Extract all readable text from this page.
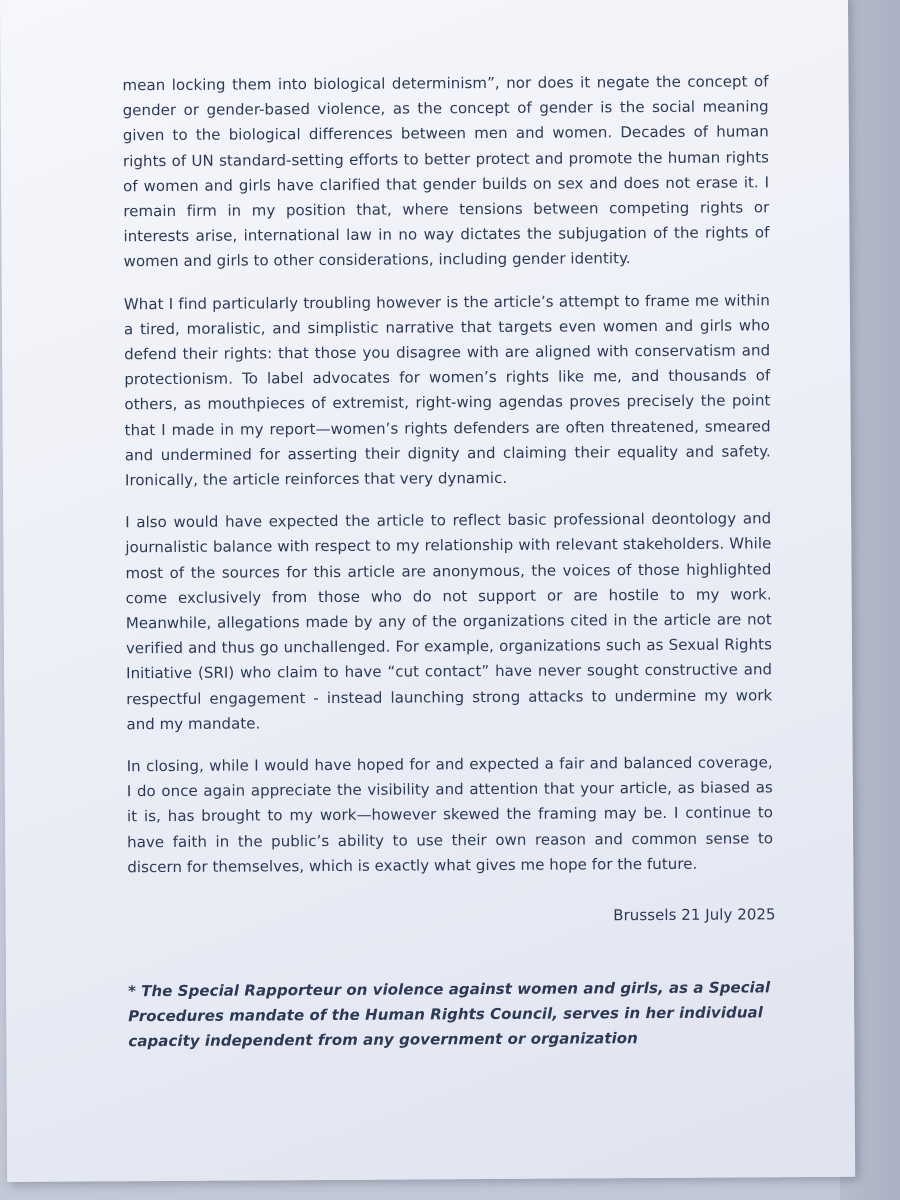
mean locking them into biological determinism”, nor does it negate the concept of gender or gender-based violence, as the concept of gender is the social meaning given to the biological differences between men and women. Decades of human rights of UN standard-setting efforts to better protect and promote the human rights of women and girls have clarified that gender builds on sex and does not erase it. I remain firm in my position that, where tensions between competing rights or interests arise, international law in no way dictates the subjugation of the rights of women and girls to other considerations, including gender identity.

What I find particularly troubling however is the article’s attempt to frame me within a tired, moralistic, and simplistic narrative that targets even women and girls who defend their rights: that those you disagree with are aligned with conservatism and protectionism. To label advocates for women’s rights like me, and thousands of others, as mouthpieces of extremist, right-wing agendas proves precisely the point that I made in my report—women’s rights defenders are often threatened, smeared and undermined for asserting their dignity and claiming their equality and safety. Ironically, the article reinforces that very dynamic.

I also would have expected the article to reflect basic professional deontology and journalistic balance with respect to my relationship with relevant stakeholders. While most of the sources for this article are anonymous, the voices of those highlighted come exclusively from those who do not support or are hostile to my work. Meanwhile, allegations made by any of the organizations cited in the article are not verified and thus go unchallenged. For example, organizations such as Sexual Rights Initiative (SRI) who claim to have “cut contact” have never sought constructive and respectful engagement - instead launching strong attacks to undermine my work and my mandate.

In closing, while I would have hoped for and expected a fair and balanced coverage, I do once again appreciate the visibility and attention that your article, as biased as it is, has brought to my work—however skewed the framing may be. I continue to have faith in the public’s ability to use their own reason and common sense to discern for themselves, which is exactly what gives me hope for the future.

Brussels 21 July 2025
* The Special Rapporteur on violence against women and girls, as a Special Procedures mandate of the Human Rights Council, serves in her individual capacity independent from any government or organization
